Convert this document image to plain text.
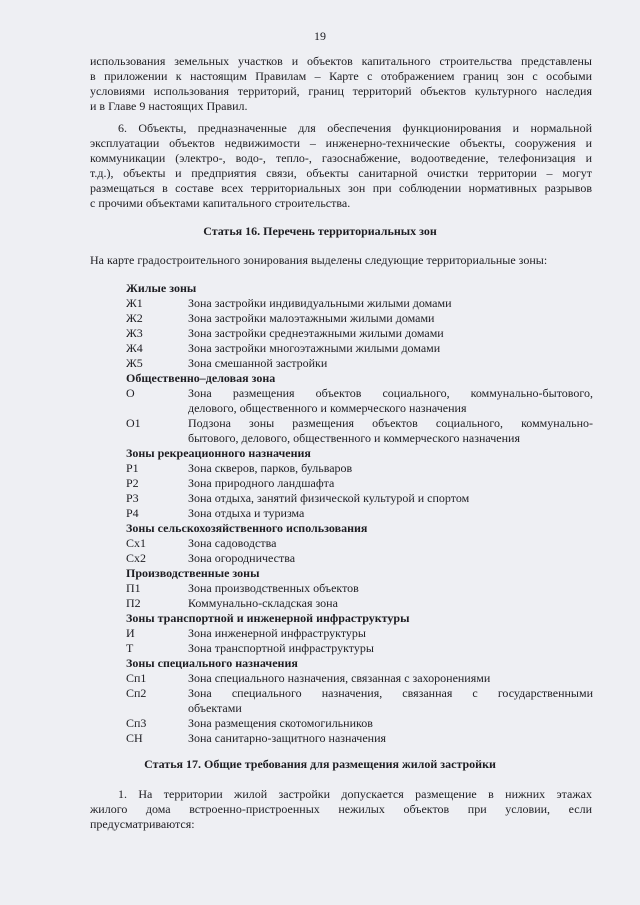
19
использования земельных участков и объектов капитального строительства представлены
в приложении к настоящим Правилам – Карте с отображением границ зон с особыми
условиями использования территорий, границ территорий объектов культурного наследия
и в Главе 9 настоящих Правил.
6. Объекты, предназначенные для обеспечения функционирования и нормальной
эксплуатации объектов недвижимости – инженерно-технические объекты, сооружения и
коммуникации (электро-, водо-, тепло-, газоснабжение, водоотведение, телефонизация и
т.д.), объекты и предприятия связи, объекты санитарной очистки территории – могут
размещаться в составе всех территориальных зон при соблюдении нормативных разрывов
с прочими объектами капитального строительства.
Статья 16. Перечень территориальных зон
На карте градостроительного зонирования выделены следующие территориальные зоны:
Жилые зоны
Ж1	Зона застройки индивидуальными жилыми домами
Ж2	Зона застройки малоэтажными жилыми домами
Ж3	Зона застройки среднеэтажными жилыми домами
Ж4	Зона застройки многоэтажными жилыми домами
Ж5	Зона смешанной застройки
Общественно–деловая зона
О	Зона размещения объектов социального, коммунально-бытового,
делового, общественного и коммерческого назначения
О1	Подзона зоны размещения объектов социального, коммунально-
бытового, делового, общественного и коммерческого назначения
Зоны рекреационного назначения
Р1	Зона скверов, парков, бульваров
Р2	Зона природного ландшафта
Р3	Зона отдыха, занятий физической культурой и спортом
Р4	Зона отдыха и туризма
Зоны сельскохозяйственного использования
Сх1	Зона садоводства
Сх2	Зона огородничества
Производственные зоны
П1	Зона производственных объектов
П2	Коммунально-складская зона
Зоны транспортной и инженерной инфраструктуры
И	Зона инженерной инфраструктуры
Т	Зона транспортной инфраструктуры
Зоны специального назначения
Сп1	Зона специального назначения, связанная с захоронениями
Сп2	Зона специального назначения, связанная с государственными
объектами
Сп3	Зона размещения скотомогильников
СН	Зона санитарно-защитного назначения
Статья 17. Общие требования для размещения жилой застройки
1. На территории жилой застройки допускается размещение в нижних этажах
жилого дома встроенно-пристроенных нежилых объектов при условии, если
предусматриваются:
